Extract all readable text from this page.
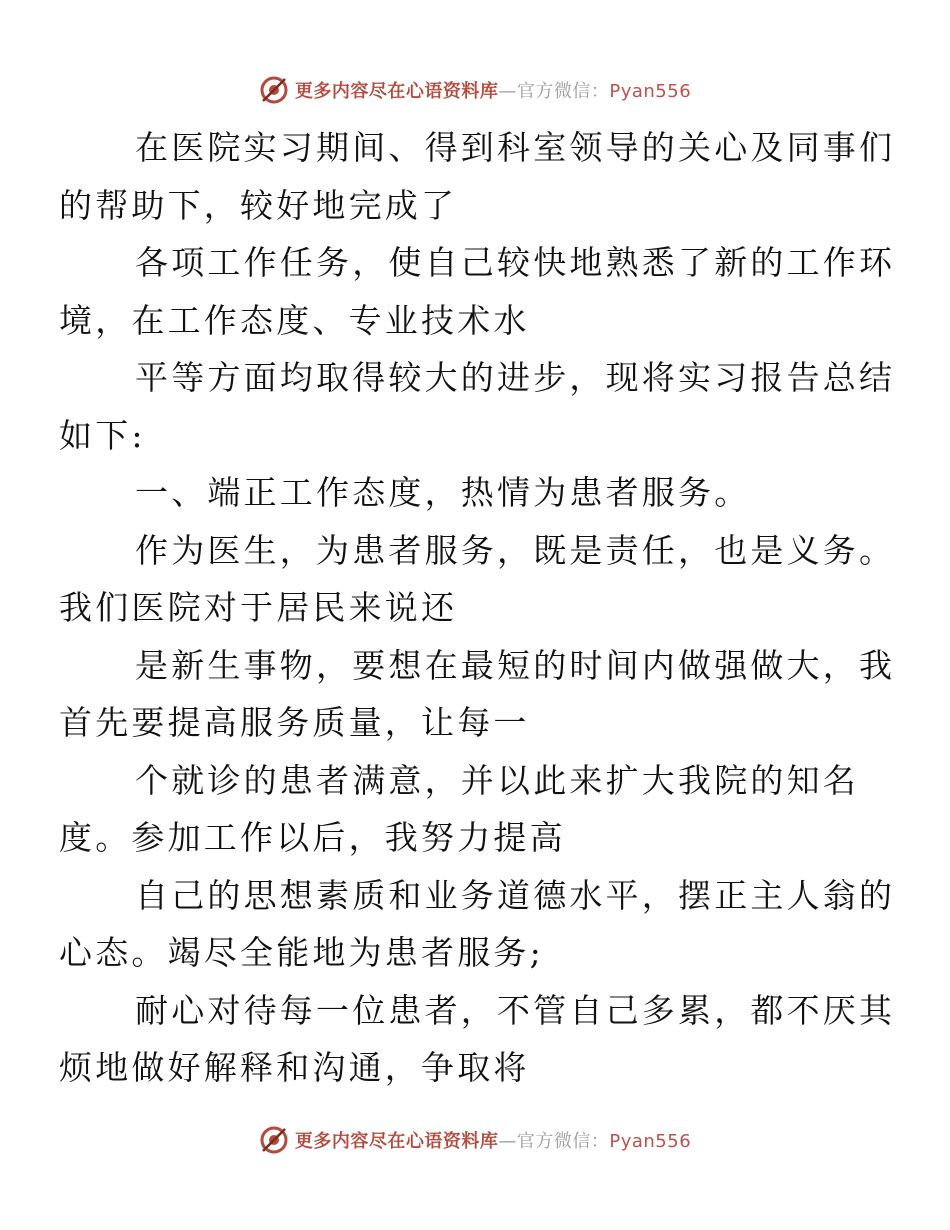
更多内容尽在心语资料库—官方微信：Pyan556

在医院实习期间、得到科室领导的关心及同事们
的帮助下，较好地完成了

各项工作任务，使自己较快地熟悉了新的工作环
境，在工作态度、专业技术水

平等方面均取得较大的进步，现将实习报告总结
如下:

一、端正工作态度，热情为患者服务。

作为医生，为患者服务，既是责任，也是义务。
我们医院对于居民来说还

是新生事物，要想在最短的时间内做强做大，我
首先要提高服务质量，让每一

个就诊的患者满意，并以此来扩大我院的知名
度。参加工作以后，我努力提高

自己的思想素质和业务道德水平，摆正主人翁的
心态。竭尽全能地为患者服务;

耐心对待每一位患者，不管自己多累，都不厌其
烦地做好解释和沟通，争取将

更多内容尽在心语资料库—官方微信：Pyan556
